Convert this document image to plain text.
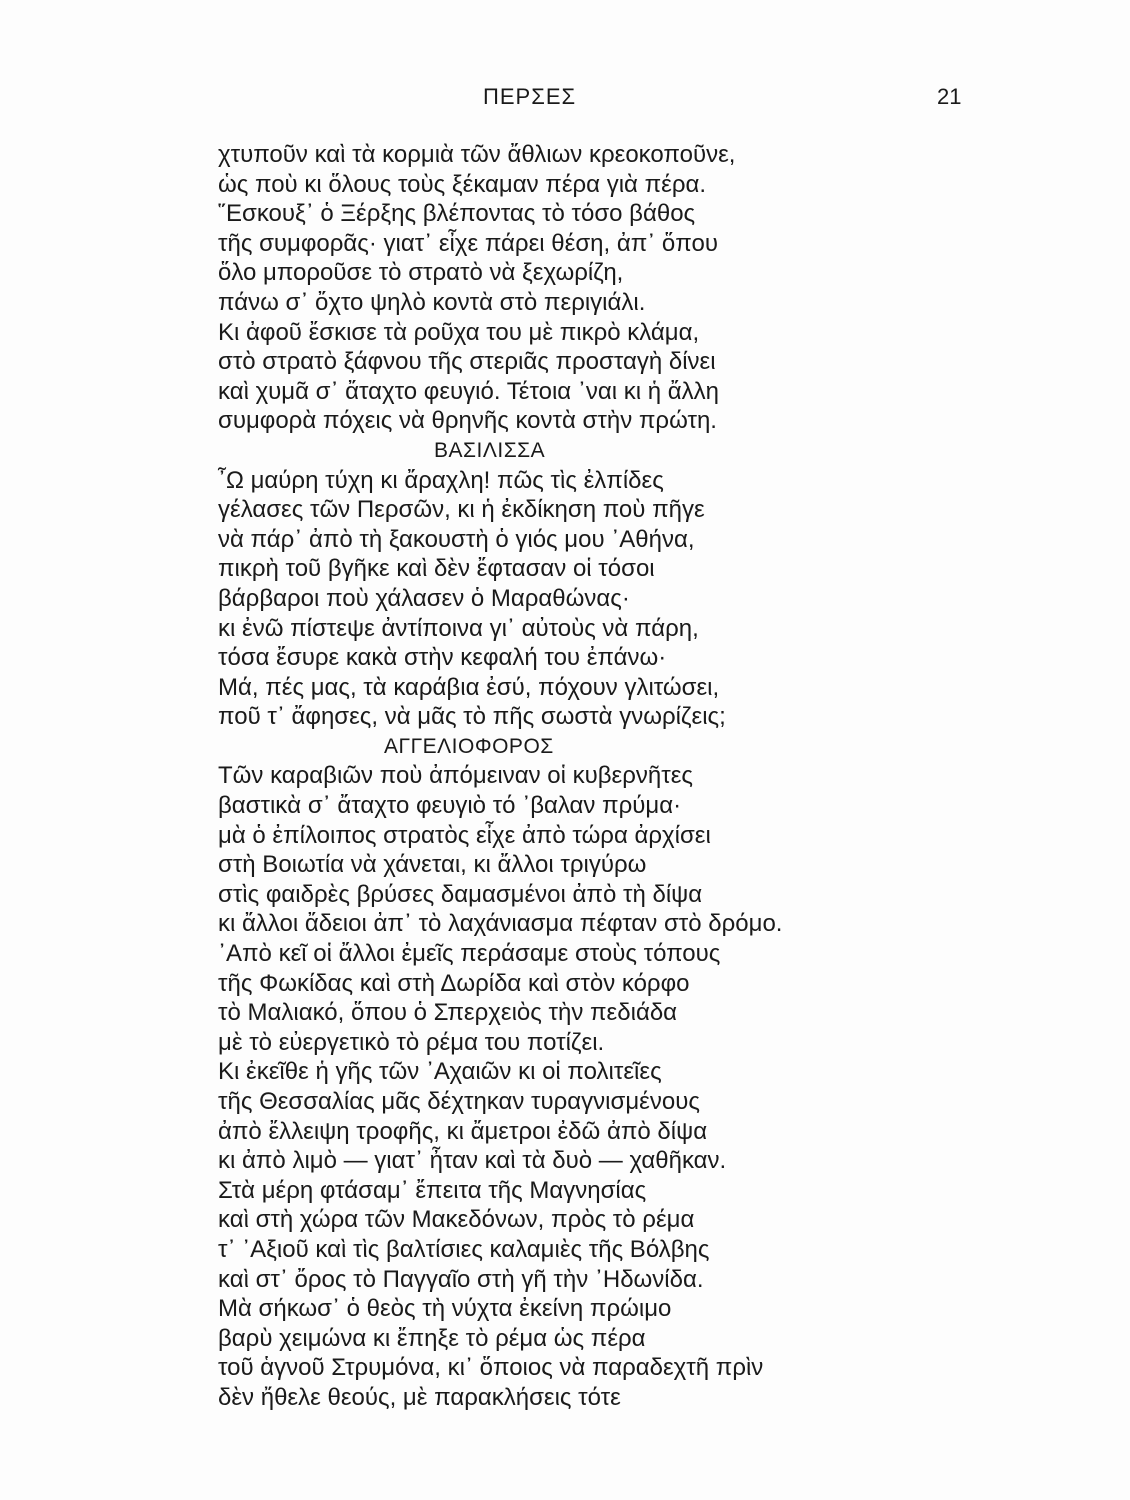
ΠΕΡΣΕΣ	21
χτυποῦν καὶ τὰ κορμιὰ τῶν ἄθλιων κρεοκοποῦνε,
ὡς ποὺ κι ὅλους τοὺς ξέκαμαν πέρα γιὰ πέρα.
῞Εσκουξ᾽ ὁ Ξέρξης βλέποντας τὸ τόσο βάθος
τῆς συμφορᾶς· γιατ᾽ εἶχε πάρει θέση, ἀπ᾽ ὅπου
ὅλο μποροῦσε τὸ στρατὸ νὰ ξεχωρίζη,
πάνω σ᾽ ὄχτο ψηλὸ κοντὰ στὸ περιγιάλι.
Κι ἀφοῦ ἔσκισε τὰ ροῦχα του μὲ πικρὸ κλάμα,
στὸ στρατὸ ξάφνου τῆς στεριᾶς προσταγὴ δίνει
καὶ χυμᾶ σ᾽ ἄταχτο φευγιό. Τέτοια ᾽ναι κι ἡ ἄλλη
συμφορὰ πόχεις νὰ θρηνῆς κοντὰ στὴν πρώτη.
ΒΑΣΙΛΙΣΣΑ
῏Ω μαύρη τύχη κι ἄραχλη! πῶς τὶς ἐλπίδες
γέλασες τῶν Περσῶν, κι ἡ ἐκδίκηση ποὺ πῆγε
νὰ πάρ᾽ ἀπὸ τὴ ξακουστὴ ὁ γιός μου ᾽Αθήνα,
πικρὴ τοῦ βγῆκε καὶ δὲν ἔφτασαν οἱ τόσοι
βάρβαροι ποὺ χάλασεν ὁ Μαραθώνας·
κι ἐνῶ πίστεψε ἀντίποινα γι᾽ αὐτοὺς νὰ πάρη,
τόσα ἔσυρε κακὰ στὴν κεφαλή του ἐπάνω·
Μά, πές μας, τὰ καράβια ἐσύ, πόχουν γλιτώσει,
ποῦ τ᾽ ἄφησες, νὰ μᾶς τὸ πῆς σωστὰ γνωρίζεις;
ΑΓΓΕΛΙΟΦΟΡΟΣ
Τῶν καραβιῶν ποὺ ἀπόμειναν οἱ κυβερνῆτες
βαστικὰ σ᾽ ἄταχτο φευγιὸ τό ᾽βαλαν πρύμα·
μὰ ὁ ἐπίλοιπος στρατὸς εἶχε ἀπὸ τώρα ἀρχίσει
στὴ Βοιωτία νὰ χάνεται, κι ἄλλοι τριγύρω
στὶς φαιδρὲς βρύσες δαμασμένοι ἀπὸ τὴ δίψα
κι ἄλλοι ἄδειοι ἀπ᾽ τὸ λαχάνιασμα πέφταν στὸ δρόμο.
᾽Απὸ κεῖ οἱ ἄλλοι ἐμεῖς περάσαμε στοὺς τόπους
τῆς Φωκίδας καὶ στὴ Δωρίδα καὶ στὸν κόρφο
τὸ Μαλιακό, ὅπου ὁ Σπερχειὸς τὴν πεδιάδα
μὲ τὸ εὐεργετικὸ τὸ ρέμα του ποτίζει.
Κι ἐκεῖθε ἡ γῆς τῶν ᾽Αχαιῶν κι οἱ πολιτεῖες
τῆς Θεσσαλίας μᾶς δέχτηκαν τυραγνισμένους
ἀπὸ ἔλλειψη τροφῆς, κι ἄμετροι ἐδῶ ἀπὸ δίψα
κι ἀπὸ λιμὸ — γιατ᾽ ἦταν καὶ τὰ δυὸ — χαθῆκαν.
Στὰ μέρη φτάσαμ᾽ ἔπειτα τῆς Μαγνησίας
καὶ στὴ χώρα τῶν Μακεδόνων, πρὸς τὸ ρέμα
τ᾽ ᾽Αξιοῦ καὶ τὶς βαλτίσιες καλαμιὲς τῆς Βόλβης
καὶ στ᾽ ὄρος τὸ Παγγαῖο στὴ γῆ τὴν ᾽Ηδωνίδα.
Μὰ σήκωσ᾽ ὁ θεὸς τὴ νύχτα ἐκείνη πρώιμο
βαρὺ χειμώνα κι ἔπηξε τὸ ρέμα ὡς πέρα
τοῦ ἁγνοῦ Στρυμόνα, κι᾽ ὅποιος νὰ παραδεχτῆ πρὶν
δὲν ἤθελε θεούς, μὲ παρακλήσεις τότε
